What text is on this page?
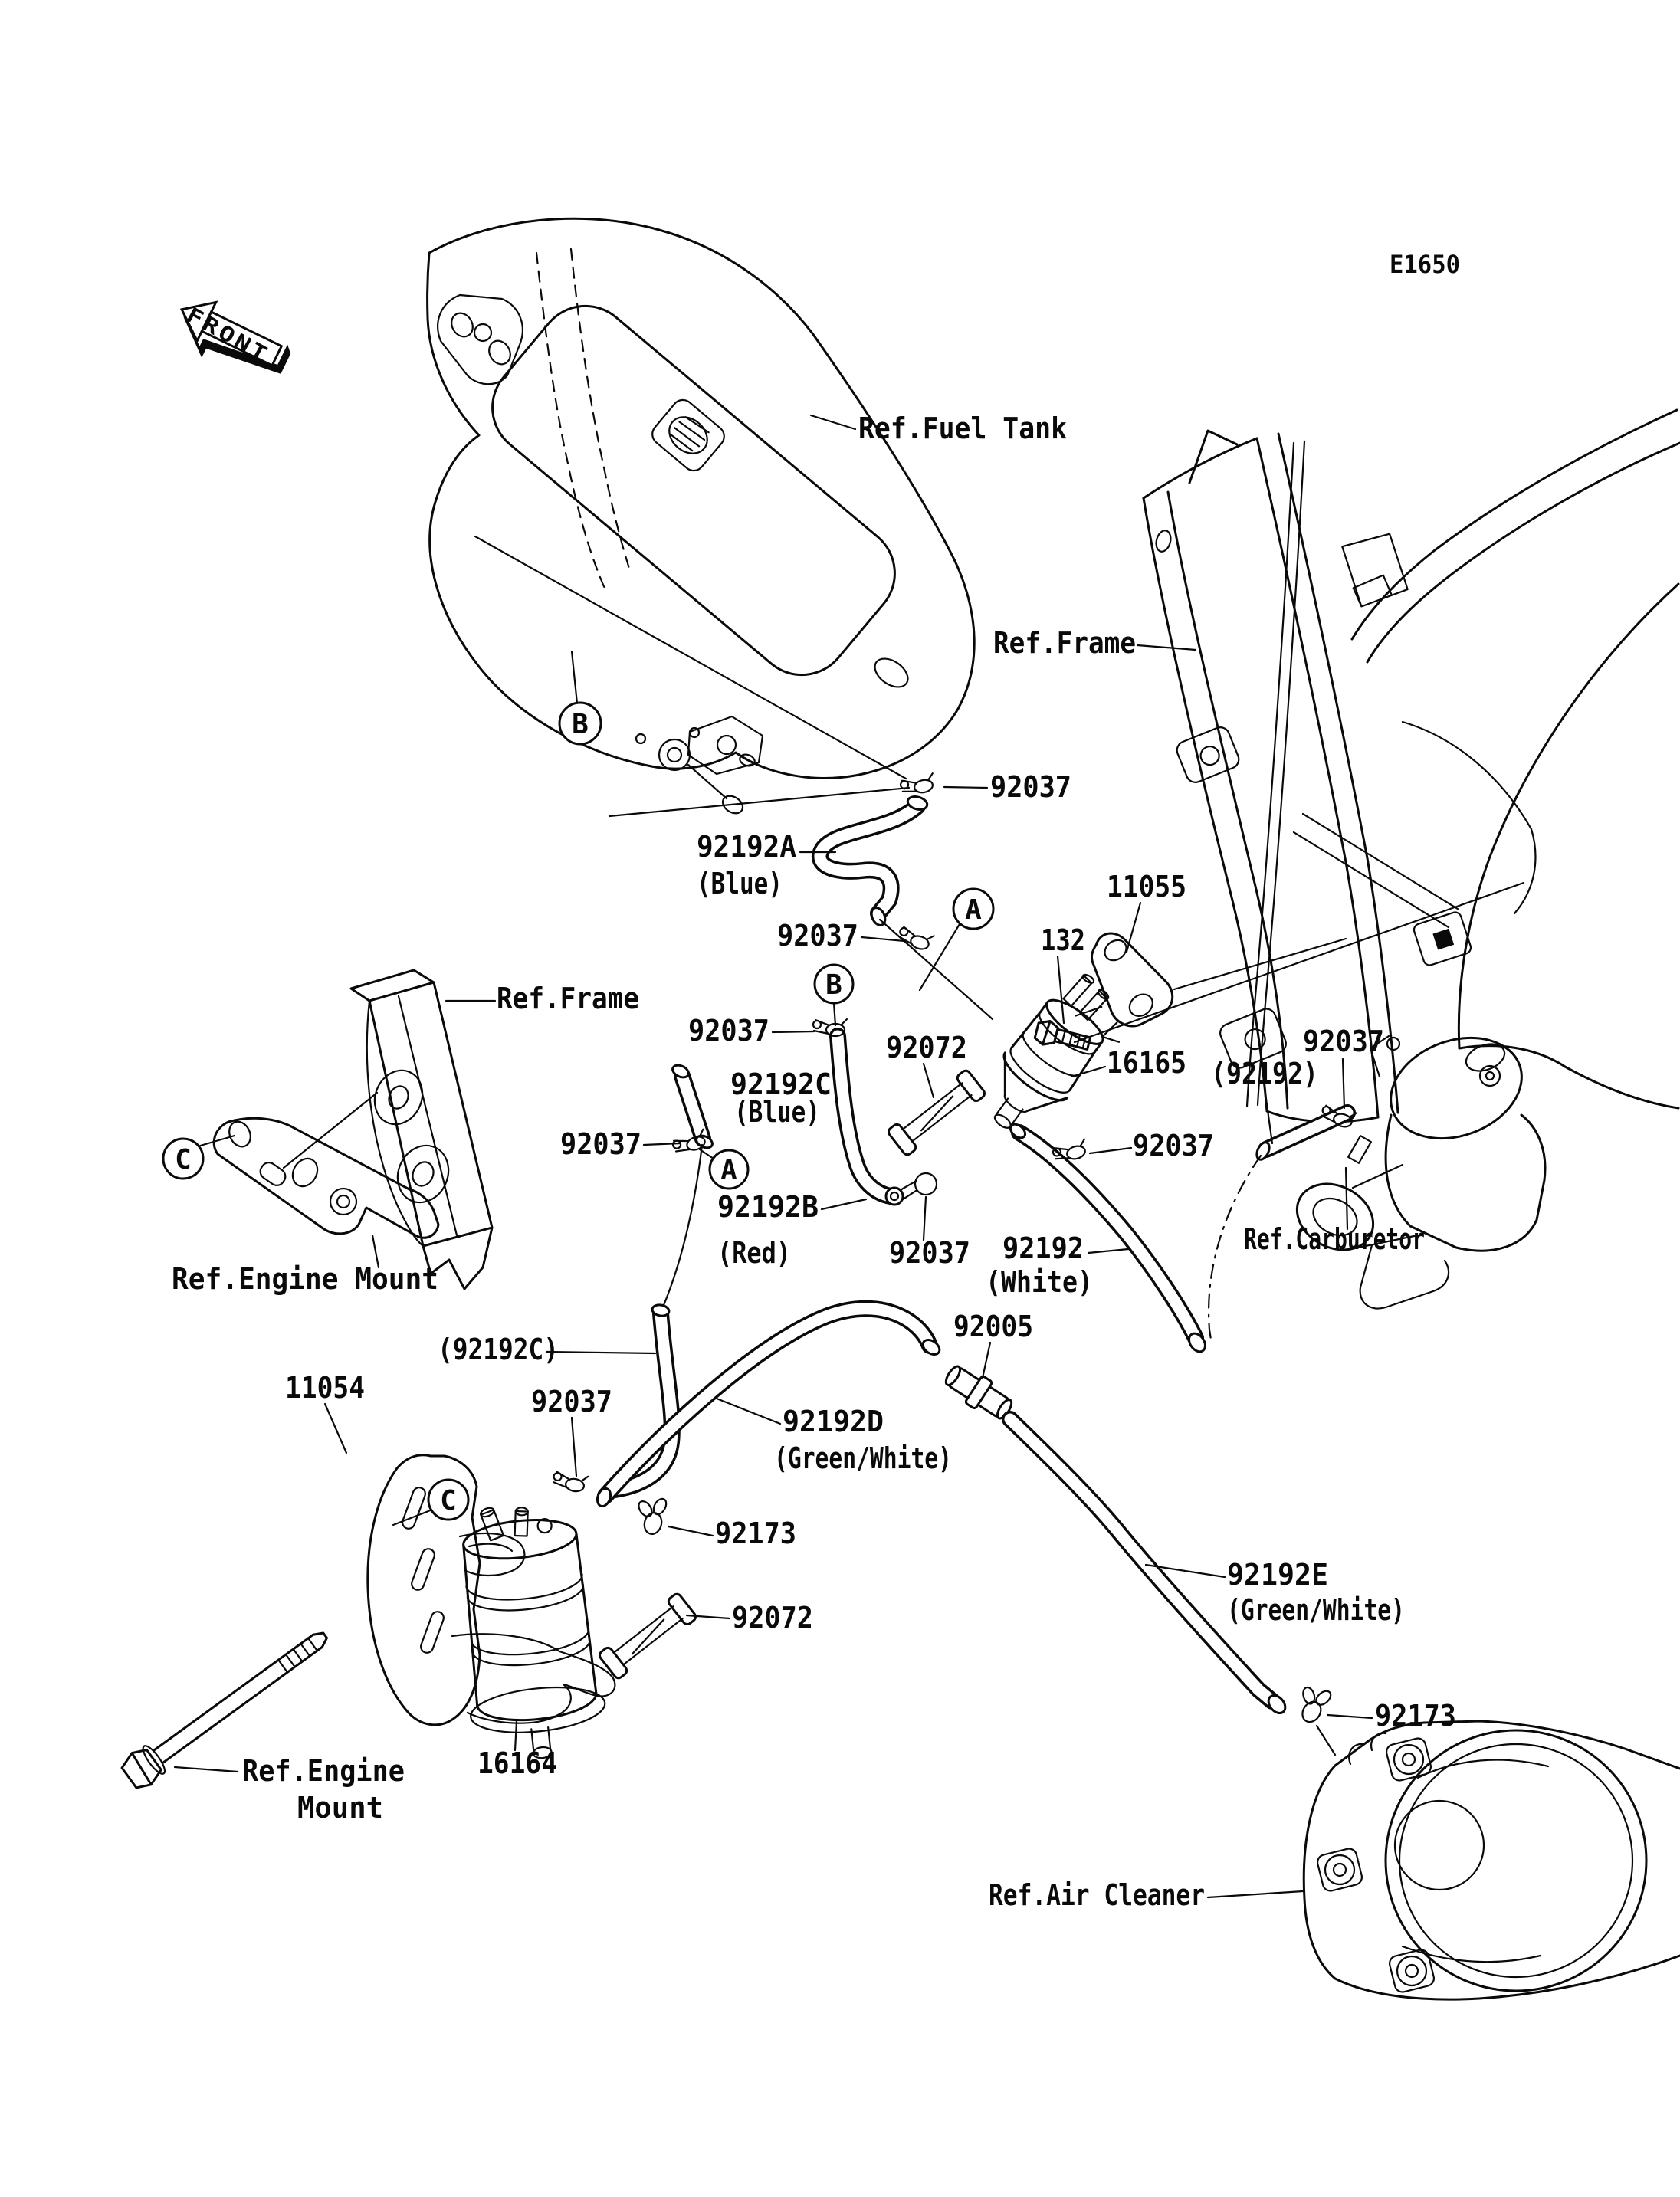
FRONT
B
A
B
A
C
C
E1650
Ref.Fuel Tank
Ref.Frame
Ref.Frame
92037
92192A
(Blue)
92037
11055
132
92037	92072	16165 (92192)
92037
92192C
(Blue)
92037	92037
92192B
(Red)	92037 92192
(White)
Ref.Carburetor
Ref.Engine Mount
(92192C)
11054	92037
92005
92192D
(Green/White)
92173
92072
16164
Ref.Engine
Mount
92192E
(Green/White)
92173
Ref.Air Cleaner
